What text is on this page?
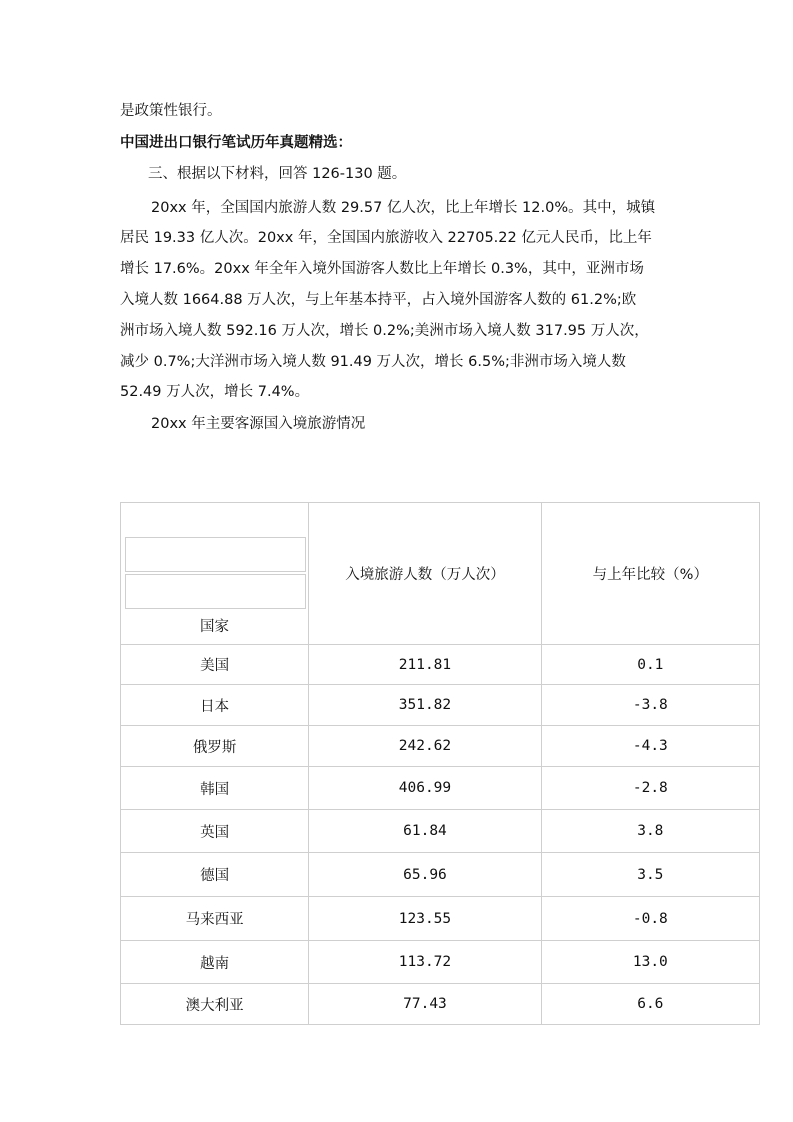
是政策性银行。
中国进出口银行笔试历年真题精选：
三、根据以下材料，回答 126-130 题。
20xx 年，全国国内旅游人数 29.57 亿人次，比上年增长 12.0%。其中，城镇
居民 19.33 亿人次。20xx 年，全国国内旅游收入 22705.22 亿元人民币，比上年
增长 17.6%。20xx 年全年入境外国游客人数比上年增长 0.3%，其中，亚洲市场
入境人数 1664.88 万人次，与上年基本持平，占入境外国游客人数的 61.2%;欧
洲市场入境人数 592.16 万人次，增长 0.2%;美洲市场入境人数 317.95 万人次，
减少 0.7%;大洋洲市场入境人数 91.49 万人次，增长 6.5%;非洲市场入境人数
52.49 万人次，增长 7.4%。
20xx 年主要客源国入境旅游情况
国家	入境旅游人数（万人次）	与上年比较（%）
美国	211.81	0.1
日本	351.82	-3.8
俄罗斯	242.62	-4.3
韩国	406.99	-2.8
英国	61.84	3.8
德国	65.96	3.5
马来西亚	123.55	-0.8
越南	113.72	13.0
澳大利亚	77.43	6.6
